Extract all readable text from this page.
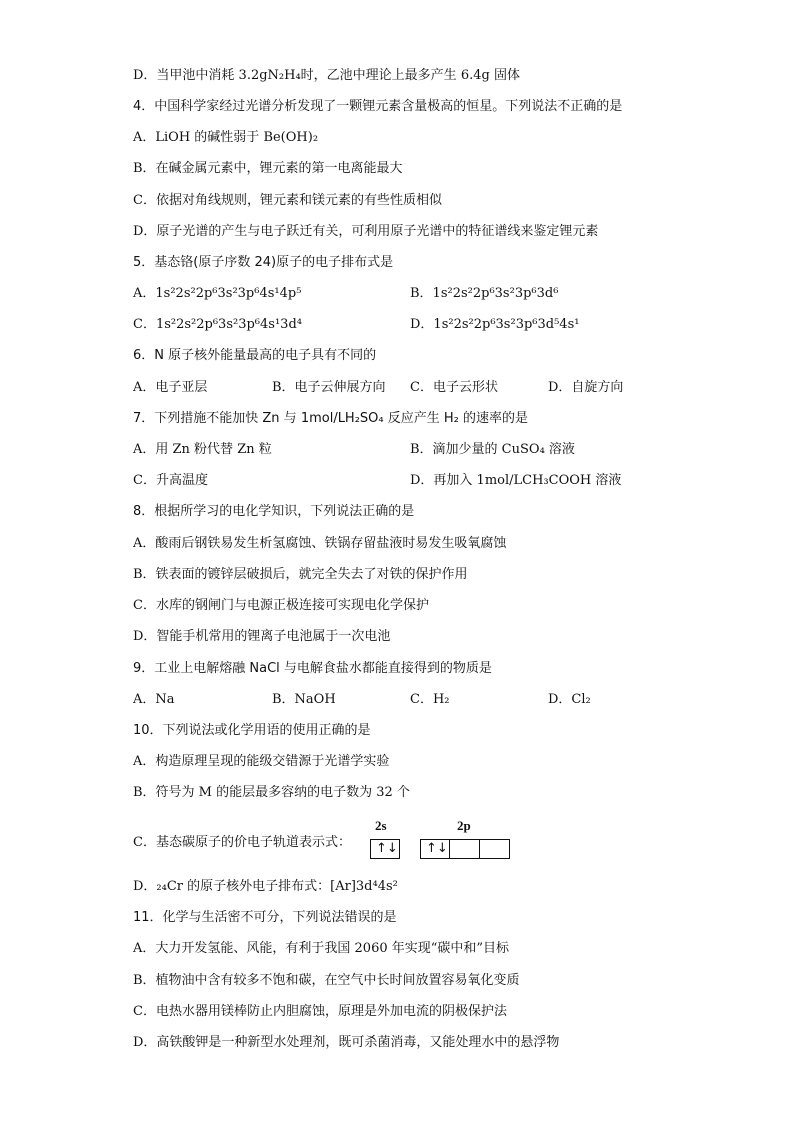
D．当甲池中消耗 3.2gN₂H₄时，乙池中理论上最多产生 6.4g 固体
4．中国科学家经过光谱分析发现了一颗锂元素含量极高的恒星。下列说法不正确的是
A．LiOH 的碱性弱于 Be(OH)₂
B．在碱金属元素中，锂元素的第一电离能最大
C．依据对角线规则，锂元素和镁元素的有些性质相似
D．原子光谱的产生与电子跃迁有关，可利用原子光谱中的特征谱线来鉴定锂元素
5．基态铬(原子序数 24)原子的电子排布式是
A．1s²2s²2p⁶3s²3p⁶4s¹4p⁵	B．1s²2s²2p⁶3s²3p⁶3d⁶
C．1s²2s²2p⁶3s²3p⁶4s¹3d⁴	D．1s²2s²2p⁶3s²3p⁶3d⁵4s¹
6．N 原子核外能量最高的电子具有不同的
A．电子亚层	B．电子云伸展方向 C．电子云形状	D．自旋方向
7．下列措施不能加快 Zn 与 1mol/LH₂SO₄ 反应产生 H₂ 的速率的是
A．用 Zn 粉代替 Zn 粒	B．滴加少量的 CuSO₄ 溶液
C．升高温度	D．再加入 1mol/LCH₃COOH 溶液
8．根据所学习的电化学知识，下列说法正确的是
A．酸雨后钢铁易发生析氢腐蚀、铁锅存留盐液时易发生吸氧腐蚀
B．铁表面的镀锌层破损后，就完全失去了对铁的保护作用
C．水库的钢闸门与电源正极连接可实现电化学保护
D．智能手机常用的锂离子电池属于一次电池
9．工业上电解熔融 NaCl 与电解食盐水都能直接得到的物质是
A．Na	B．NaOH	C．H₂	D．Cl₂
10．下列说法或化学用语的使用正确的是
A．构造原理呈现的能级交错源于光谱学实验
B．符号为 M 的能层最多容纳的电子数为 32 个
C．基态碳原子的价电子轨道表示式：
2s	2p
↑↓ ↑↓
D．₂₄Cr 的原子核外电子排布式：[Ar]3d⁴4s²
11．化学与生活密不可分，下列说法错误的是
A．大力开发氢能、风能，有利于我国 2060 年实现“碳中和”目标
B．植物油中含有较多不饱和碳，在空气中长时间放置容易氧化变质
C．电热水器用镁棒防止内胆腐蚀，原理是外加电流的阴极保护法
D．高铁酸钾是一种新型水处理剂，既可杀菌消毒，又能处理水中的悬浮物
